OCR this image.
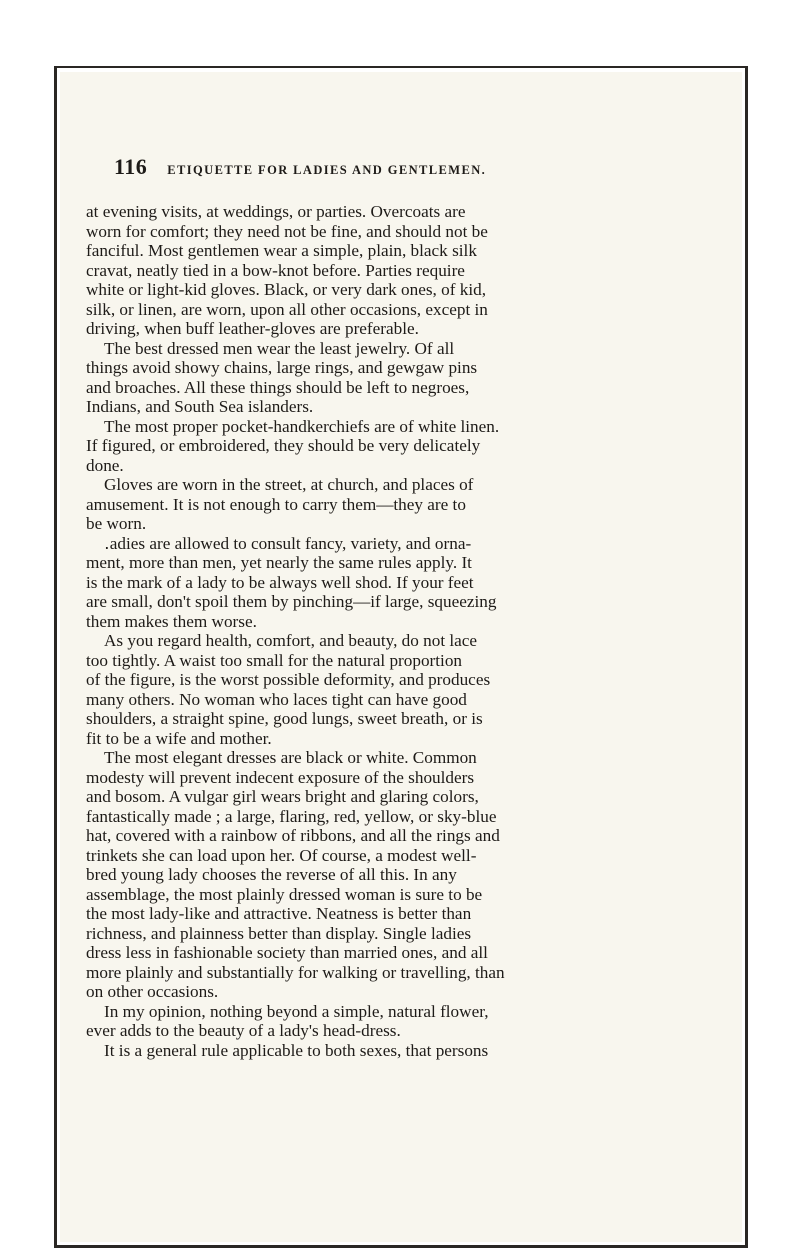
116 ETIQUETTE FOR LADIES AND GENTLEMEN.
at evening visits, at weddings, or parties. Overcoats are
worn for comfort; they need not be fine, and should not be
fanciful. Most gentlemen wear a simple, plain, black silk
cravat, neatly tied in a bow-knot before. Parties require
white or light-kid gloves. Black, or very dark ones, of kid,
silk, or linen, are worn, upon all other occasions, except in
driving, when buff leather-gloves are preferable.
The best dressed men wear the least jewelry. Of all
things avoid showy chains, large rings, and gewgaw pins
and broaches. All these things should be left to negroes,
Indians, and South Sea islanders.
The most proper pocket-handkerchiefs are of white linen.
If figured, or embroidered, they should be very delicately
done.
Gloves are worn in the street, at church, and places of
amusement. It is not enough to carry them—they are to
be worn.
․adies are allowed to consult fancy, variety, and orna-
ment, more than men, yet nearly the same rules apply. It
is the mark of a lady to be always well shod. If your feet
are small, don't spoil them by pinching—if large, squeezing
them makes them worse.
As you regard health, comfort, and beauty, do not lace
too tightly. A waist too small for the natural proportion
of the figure, is the worst possible deformity, and produces
many others. No woman who laces tight can have good
shoulders, a straight spine, good lungs, sweet breath, or is
fit to be a wife and mother.
The most elegant dresses are black or white. Common
modesty will prevent indecent exposure of the shoulders
and bosom. A vulgar girl wears bright and glaring colors,
fantastically made ; a large, flaring, red, yellow, or sky-blue
hat, covered with a rainbow of ribbons, and all the rings and
trinkets she can load upon her. Of course, a modest well-
bred young lady chooses the reverse of all this. In any
assemblage, the most plainly dressed woman is sure to be
the most lady-like and attractive. Neatness is better than
richness, and plainness better than display. Single ladies
dress less in fashionable society than married ones, and all
more plainly and substantially for walking or travelling, than
on other occasions.
In my opinion, nothing beyond a simple, natural flower,
ever adds to the beauty of a lady's head-dress.
It is a general rule applicable to both sexes, that persons
